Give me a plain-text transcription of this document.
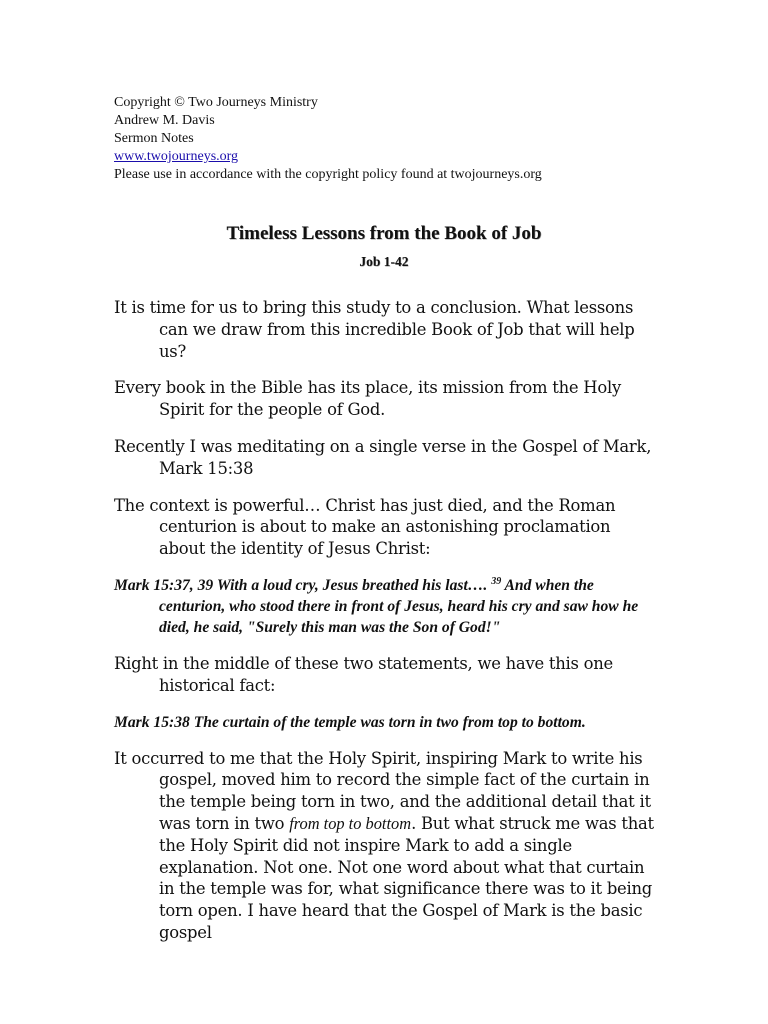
Copyright © Two Journeys Ministry
Andrew M. Davis
Sermon Notes
www.twojourneys.org
Please use in accordance with the copyright policy found at twojourneys.org
Timeless Lessons from the Book of Job
Job 1-42

It is time for us to bring this study to a conclusion. What lessons can we draw from this incredible Book of Job that will help us?

Every book in the Bible has its place, its mission from the Holy Spirit for the people of God.

Recently I was meditating on a single verse in the Gospel of Mark, Mark 15:38

The context is powerful… Christ has just died, and the Roman centurion is about to make an astonishing proclamation about the identity of Jesus Christ:

Mark 15:37, 39 With a loud cry, Jesus breathed his last…. $^{39}$ And when the centurion, who stood there in front of Jesus, heard his cry and saw how he died, he said, "Surely this man was the Son of God!"

Right in the middle of these two statements, we have this one historical fact:

Mark 15:38 The curtain of the temple was torn in two from top to bottom.

It occurred to me that the Holy Spirit, inspiring Mark to write his gospel, moved him to record the simple fact of the curtain in the temple being torn in two, and the additional detail that it was torn in two from top to bottom. But what struck me was that the Holy Spirit did not inspire Mark to add a single explanation. Not one. Not one word about what that curtain in the temple was for, what significance there was to it being torn open. I have heard that the Gospel of Mark is the basic gospel
